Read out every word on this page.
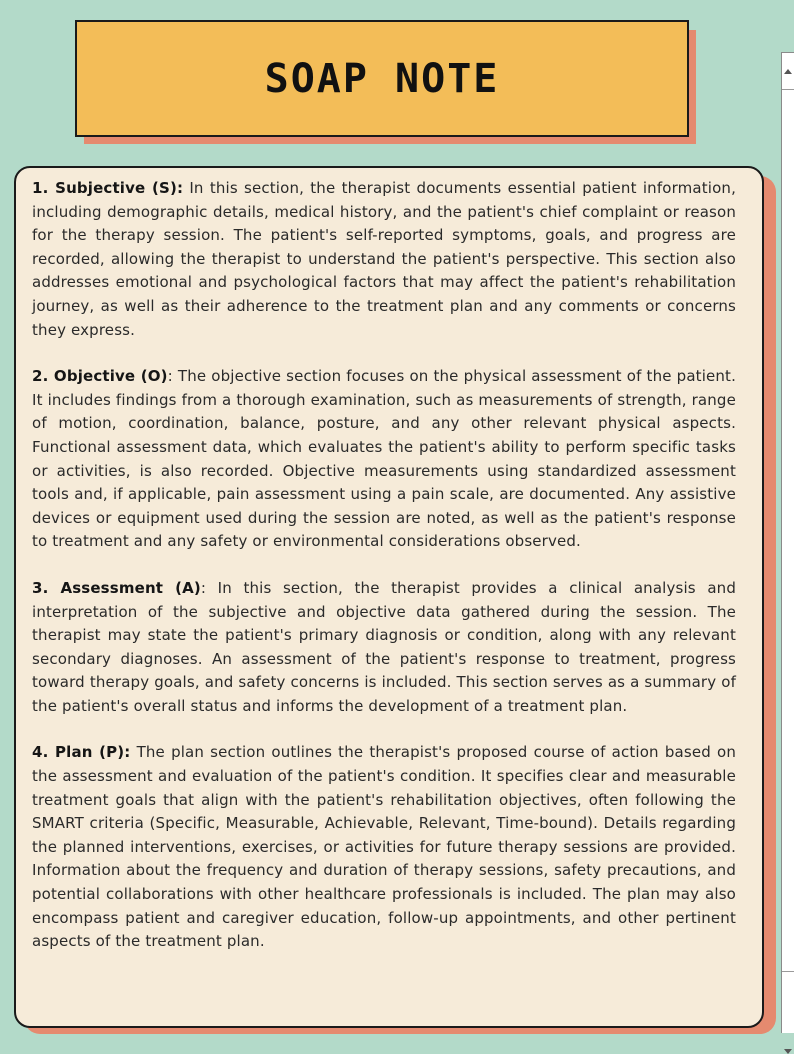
SOAP NOTE

1. Subjective (S): In this section, the therapist documents essential patient information, including demographic details, medical history, and the patient's chief complaint or reason for the therapy session. The patient's self-reported symptoms, goals, and progress are recorded, allowing the therapist to understand the patient's perspective. This section also addresses emotional and psychological factors that may affect the patient's rehabilitation journey, as well as their adherence to the treatment plan and any comments or concerns they express.

2. Objective (O): The objective section focuses on the physical assessment of the patient. It includes findings from a thorough examination, such as measurements of strength, range of motion, coordination, balance, posture, and any other relevant physical aspects. Functional assessment data, which evaluates the patient's ability to perform specific tasks or activities, is also recorded. Objective measurements using standardized assessment tools and, if applicable, pain assessment using a pain scale, are documented. Any assistive devices or equipment used during the session are noted, as well as the patient's response to treatment and any safety or environmental considerations observed.

3. Assessment (A): In this section, the therapist provides a clinical analysis and interpretation of the subjective and objective data gathered during the session. The therapist may state the patient's primary diagnosis or condition, along with any relevant secondary diagnoses. An assessment of the patient's response to treatment, progress toward therapy goals, and safety concerns is included. This section serves as a summary of the patient's overall status and informs the development of a treatment plan.

4. Plan (P): The plan section outlines the therapist's proposed course of action based on the assessment and evaluation of the patient's condition. It specifies clear and measurable treatment goals that align with the patient's rehabilitation objectives, often following the SMART criteria (Specific, Measurable, Achievable, Relevant, Time-bound). Details regarding the planned interventions, exercises, or activities for future therapy sessions are provided. Information about the frequency and duration of therapy sessions, safety precautions, and potential collaborations with other healthcare professionals is included. The plan may also encompass patient and caregiver education, follow-up appointments, and other pertinent aspects of the treatment plan.
